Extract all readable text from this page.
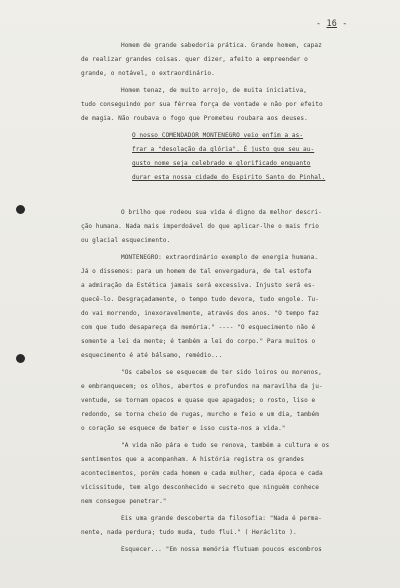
- 16 -
Homem de grande sabedoria prática. Grande homem, capaz
de realizar grandes coisas. quer dizer, afeito a empreender o
grande, o notável, o extraordinário.
Homem tenaz, de muito arrojo, de muita iniciativa,
tudo conseguindo por sua férrea força de vontade e não por efeito
de magia. Não roubava o fogo que Prometeu roubara aos deuses.
O nosso COMENDADOR MONTENEGRO veio enfim a as-
frar a "desolação da glória". É justo que seu au-
gusto nome seja celebrado e glorificado enquanto
durar esta nossa cidade do Espirito Santo do Pinhal.
O brilho que rodeou sua vida é digno da melhor descri-
ção humana. Nada mais imperdoável do que aplicar-lhe o mais frio
ou glacial esquecimento.
MONTENEGRO: extraordinário exemplo de energia humana.
Já o dissemos: para um homem de tal envergadura, de tal estofa
a admiração da Estética jamais será excessiva. Injusto será es-
quecê-lo. Desgraçadamente, o tempo tudo devora, tudo engole. Tu-
do vai morrendo, inexoravelmente, através dos anos. "O tempo faz
com que tudo desapareça da memória." ---- "O esquecimento não é
somente a lei da mente; é também a lei do corpo." Para muitos o
esquecimento é até bálsamo, remédio...
"Os cabelos se esquecem de ter sido loiros ou morenos,
e embranquecem; os olhos, abertos e profundos na maravilha da ju-
ventude, se tornam opacos e quase que apagados; o rosto, liso e
redondo, se torna cheio de rugas, murcho e feio e um dia, também
o coração se esquece de bater e isso custa-nos a vida."
"A vida não pára e tudo se renova, também a cultura e os
sentimentos que a acompanham. A história registra os grandes
acontecimentos, porém cada homem e cada mulher, cada época e cada
vicissitude, tem algo desconhecido e secreto que ninguém conhece
nem consegue penetrar."
Eis uma grande descoberta da filosofia: "Nada é perma-
nente, nada perdura; tudo muda, tudo flui." ( Heráclito ).
Esquecer... "Em nossa memória flutuam poucos escombros
